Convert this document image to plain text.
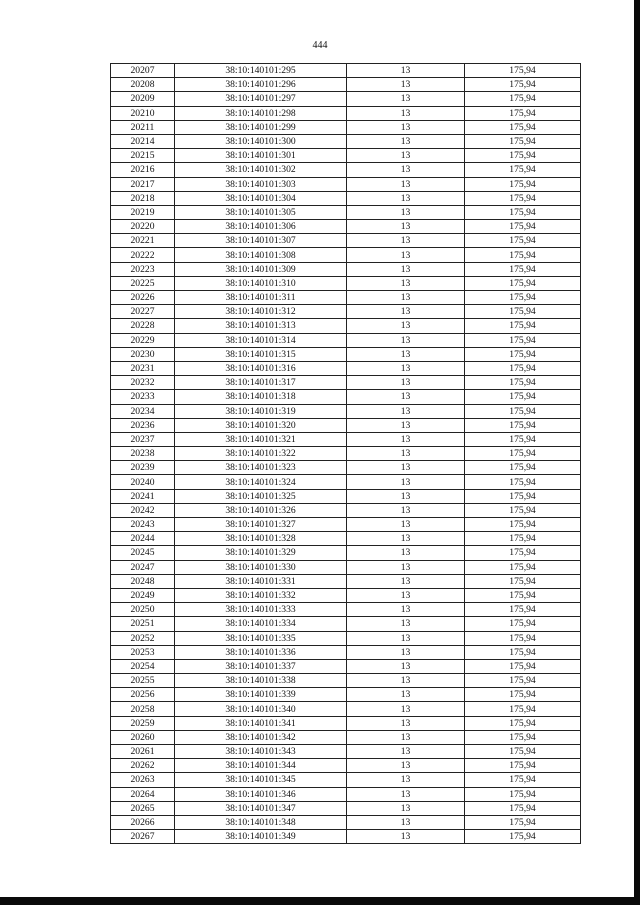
444
20207	38:10:140101:295	13	175,94
20208	38:10:140101:296	13	175,94
20209	38:10:140101:297	13	175,94
20210	38:10:140101:298	13	175,94
20211	38:10:140101:299	13	175,94
20214	38:10:140101:300	13	175,94
20215	38:10:140101:301	13	175,94
20216	38:10:140101:302	13	175,94
20217	38:10:140101:303	13	175,94
20218	38:10:140101:304	13	175,94
20219	38:10:140101:305	13	175,94
20220	38:10:140101:306	13	175,94
20221	38:10:140101:307	13	175,94
20222	38:10:140101:308	13	175,94
20223	38:10:140101:309	13	175,94
20225	38:10:140101:310	13	175,94
20226	38:10:140101:311	13	175,94
20227	38:10:140101:312	13	175,94
20228	38:10:140101:313	13	175,94
20229	38:10:140101:314	13	175,94
20230	38:10:140101:315	13	175,94
20231	38:10:140101:316	13	175,94
20232	38:10:140101:317	13	175,94
20233	38:10:140101:318	13	175,94
20234	38:10:140101:319	13	175,94
20236	38:10:140101:320	13	175,94
20237	38:10:140101:321	13	175,94
20238	38:10:140101:322	13	175,94
20239	38:10:140101:323	13	175,94
20240	38:10:140101:324	13	175,94
20241	38:10:140101:325	13	175,94
20242	38:10:140101:326	13	175,94
20243	38:10:140101:327	13	175,94
20244	38:10:140101:328	13	175,94
20245	38:10:140101:329	13	175,94
20247	38:10:140101:330	13	175,94
20248	38:10:140101:331	13	175,94
20249	38:10:140101:332	13	175,94
20250	38:10:140101:333	13	175,94
20251	38:10:140101:334	13	175,94
20252	38:10:140101:335	13	175,94
20253	38:10:140101:336	13	175,94
20254	38:10:140101:337	13	175,94
20255	38:10:140101:338	13	175,94
20256	38:10:140101:339	13	175,94
20258	38:10:140101:340	13	175,94
20259	38:10:140101:341	13	175,94
20260	38:10:140101:342	13	175,94
20261	38:10:140101:343	13	175,94
20262	38:10:140101:344	13	175,94
20263	38:10:140101:345	13	175,94
20264	38:10:140101:346	13	175,94
20265	38:10:140101:347	13	175,94
20266	38:10:140101:348	13	175,94
20267	38:10:140101:349	13	175,94
